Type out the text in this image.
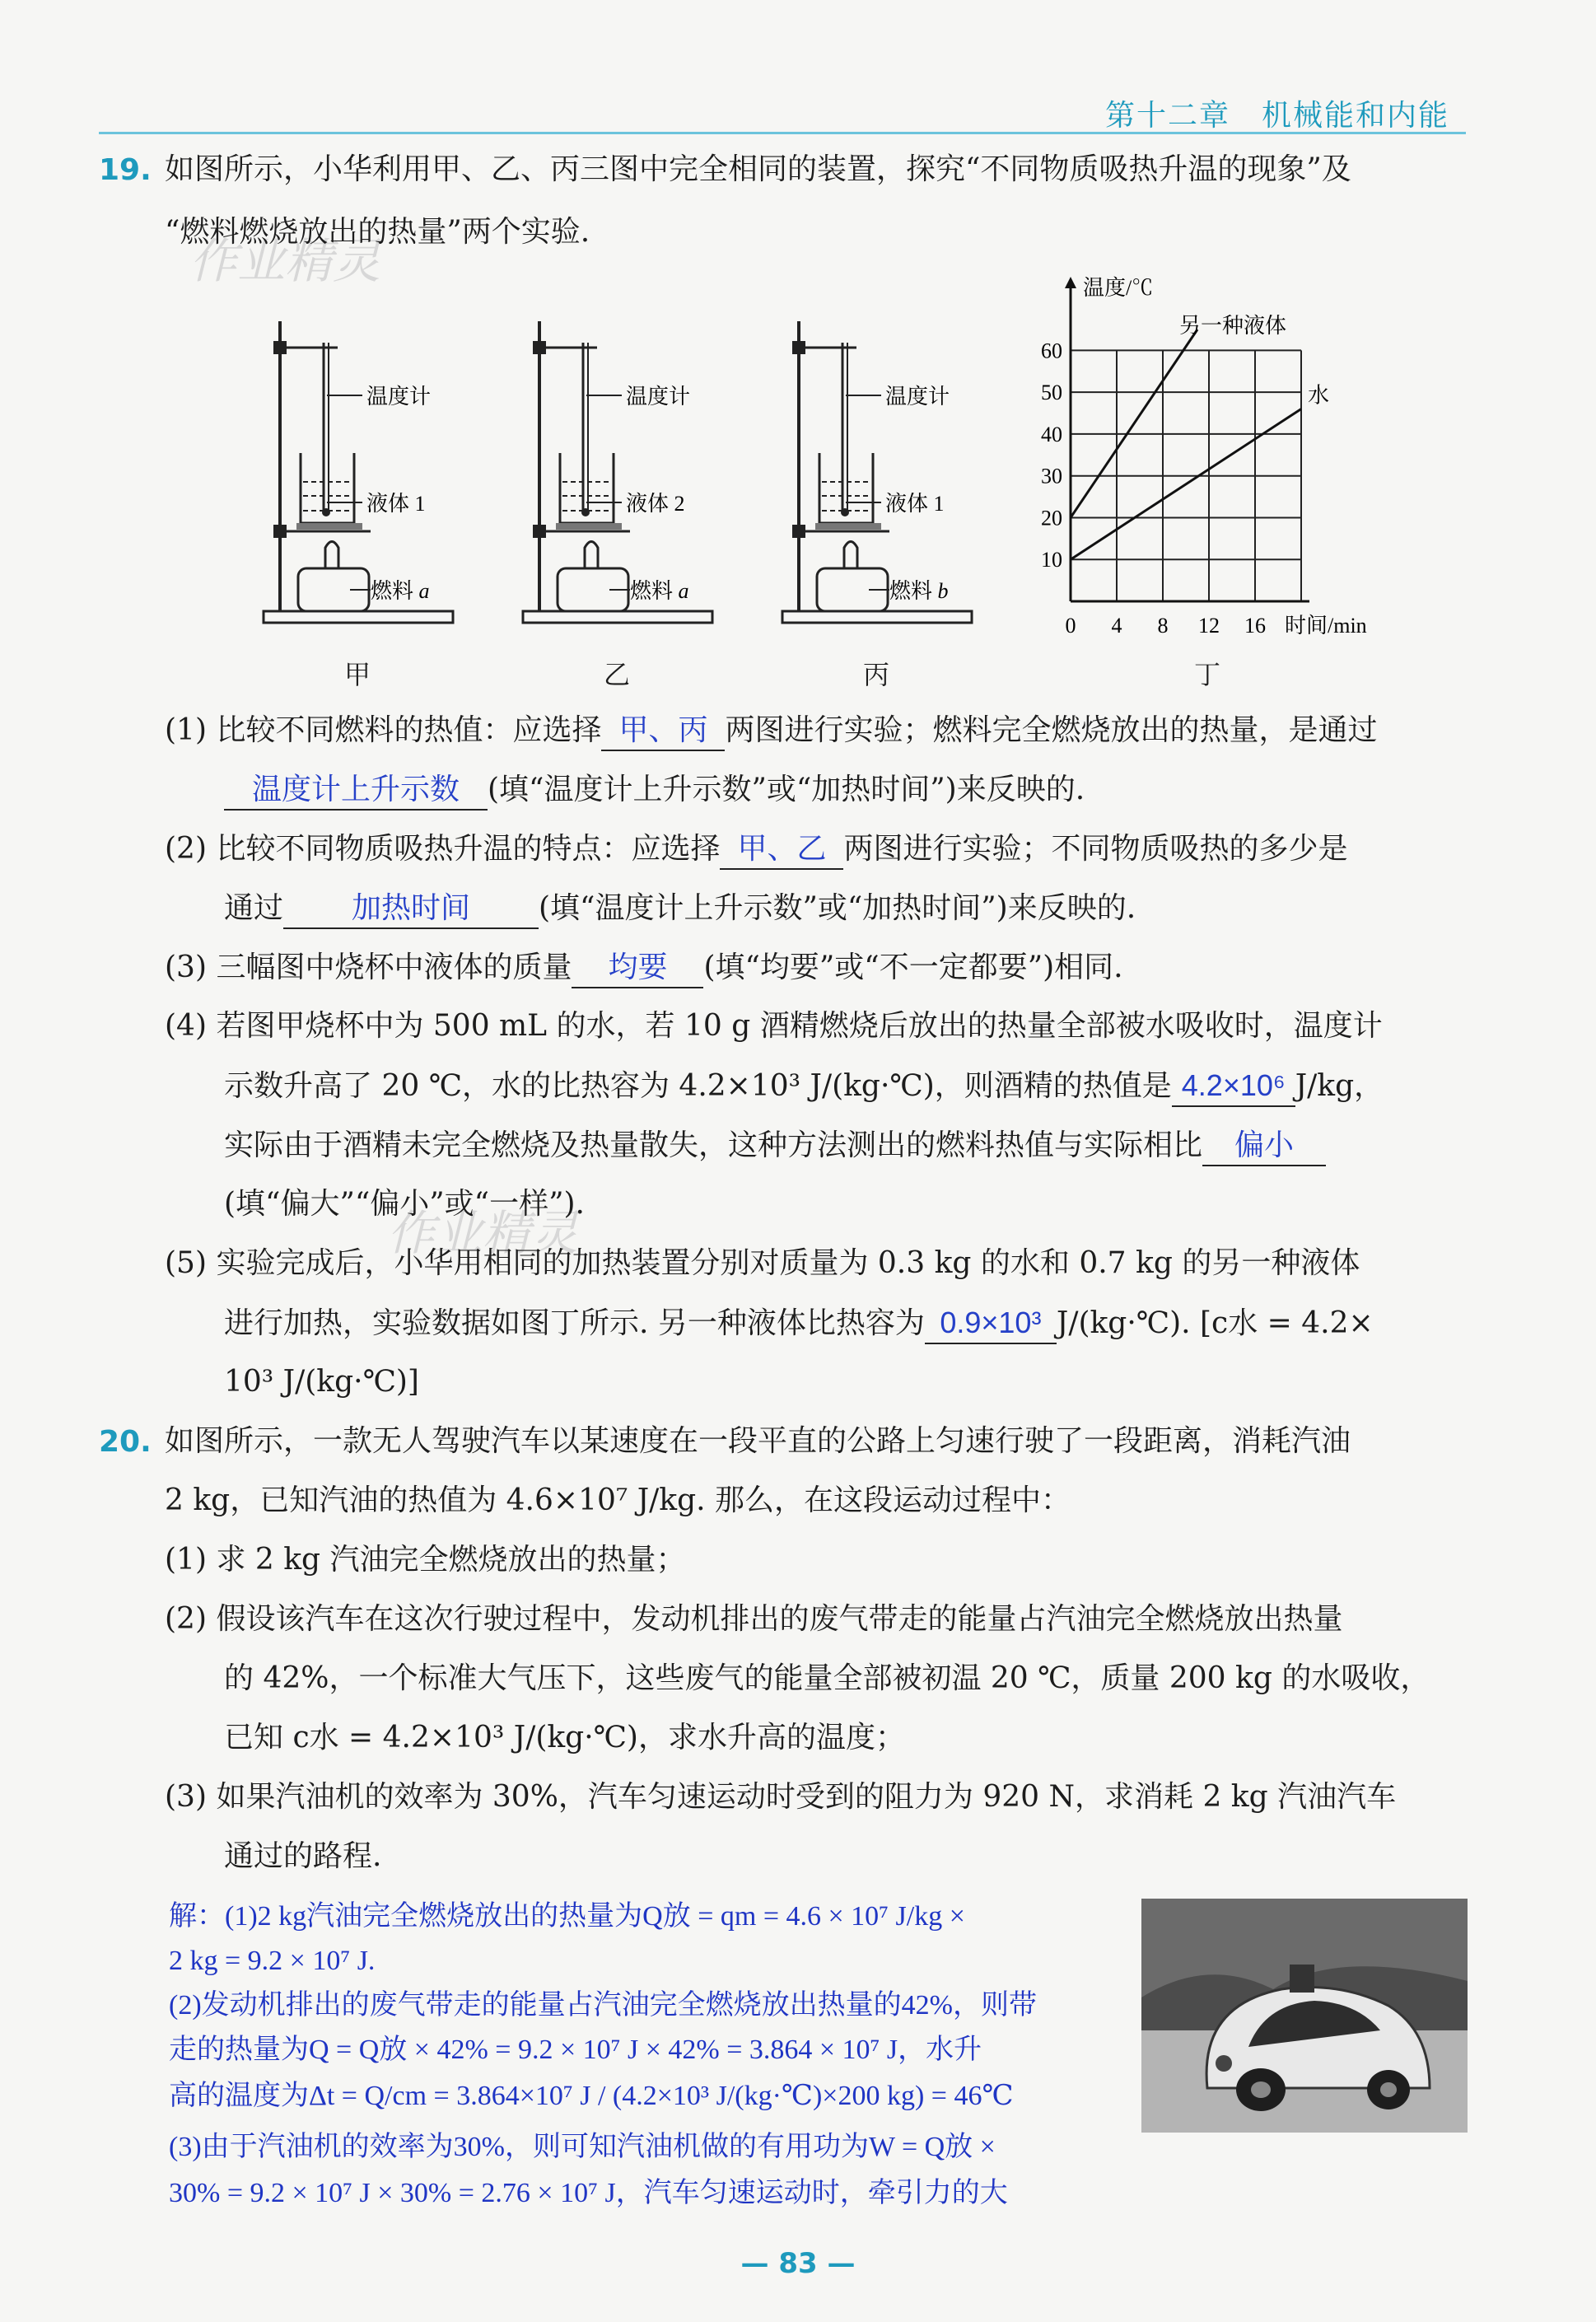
第十二章　机械能和内能
作业精灵
作业精灵
19. 如图所示，小华利用甲、乙、丙三图中完全相同的装置，探究“不同物质吸热升温的现象”及
“燃料燃烧放出的热量”两个实验.
温度计
液体 1
燃料 a
温度计
液体 2
燃料 a
温度计
液体 1
燃料 b
10
20
30
40
50
60
0 4 8 12 16
温度/℃
时间/min
另一种液体
水
甲	乙	丙	丁
(1) 比较不同燃料的热值：应选择 甲、丙 两图进行实验；燃料完全燃烧放出的热量，是通过
温度计上升示数 (填“温度计上升示数”或“加热时间”)来反映的.
(2) 比较不同物质吸热升温的特点：应选择 甲、乙 两图进行实验；不同物质吸热的多少是
通过 加热时间 (填“温度计上升示数”或“加热时间”)来反映的.
(3) 三幅图中烧杯中液体的质量 均要 (填“均要”或“不一定都要”)相同.
(4) 若图甲烧杯中为 500 mL 的水，若 10 g 酒精燃烧后放出的热量全部被水吸收时，温度计
示数升高了 20 ℃，水的比热容为 4.2×10³ J/(kg·℃)，则酒精的热值是 4.2×10⁶ J/kg，
实际由于酒精未完全燃烧及热量散失，这种方法测出的燃料热值与实际相比 偏小
(填“偏大”“偏小”或“一样”).
(5) 实验完成后，小华用相同的加热装置分别对质量为 0.3 kg 的水和 0.7 kg 的另一种液体
进行加热，实验数据如图丁所示. 另一种液体比热容为 0.9×10³ J/(kg·℃). [c水 = 4.2×
10³ J/(kg·℃)]
20. 如图所示，一款无人驾驶汽车以某速度在一段平直的公路上匀速行驶了一段距离，消耗汽油
2 kg，已知汽油的热值为 4.6×10⁷ J/kg. 那么，在这段运动过程中：
(1) 求 2 kg 汽油完全燃烧放出的热量；
(2) 假设该汽车在这次行驶过程中，发动机排出的废气带走的能量占汽油完全燃烧放出热量
的 42%，一个标准大气压下，这些废气的能量全部被初温 20 ℃，质量 200 kg 的水吸收，
已知 c水 = 4.2×10³ J/(kg·℃)，求水升高的温度；
(3) 如果汽油机的效率为 30%，汽车匀速运动时受到的阻力为 920 N，求消耗 2 kg 汽油汽车
通过的路程.
解：(1)2 kg汽油完全燃烧放出的热量为Q放 = qm = 4.6 × 10⁷ J/kg ×
2 kg = 9.2 × 10⁷ J.
(2)发动机排出的废气带走的能量占汽油完全燃烧放出热量的42%，则带
走的热量为Q = Q放 × 42% = 9.2 × 10⁷ J × 42% = 3.864 × 10⁷ J，水升
高的温度为Δt = Q/cm = 3.864×10⁷ J / (4.2×10³ J/(kg·℃)×200 kg) = 46℃
(3)由于汽油机的效率为30%，则可知汽油机做的有用功为W = Q放 ×
30% = 9.2 × 10⁷ J × 30% = 2.76 × 10⁷ J，汽车匀速运动时，牵引力的大
— 83 —
